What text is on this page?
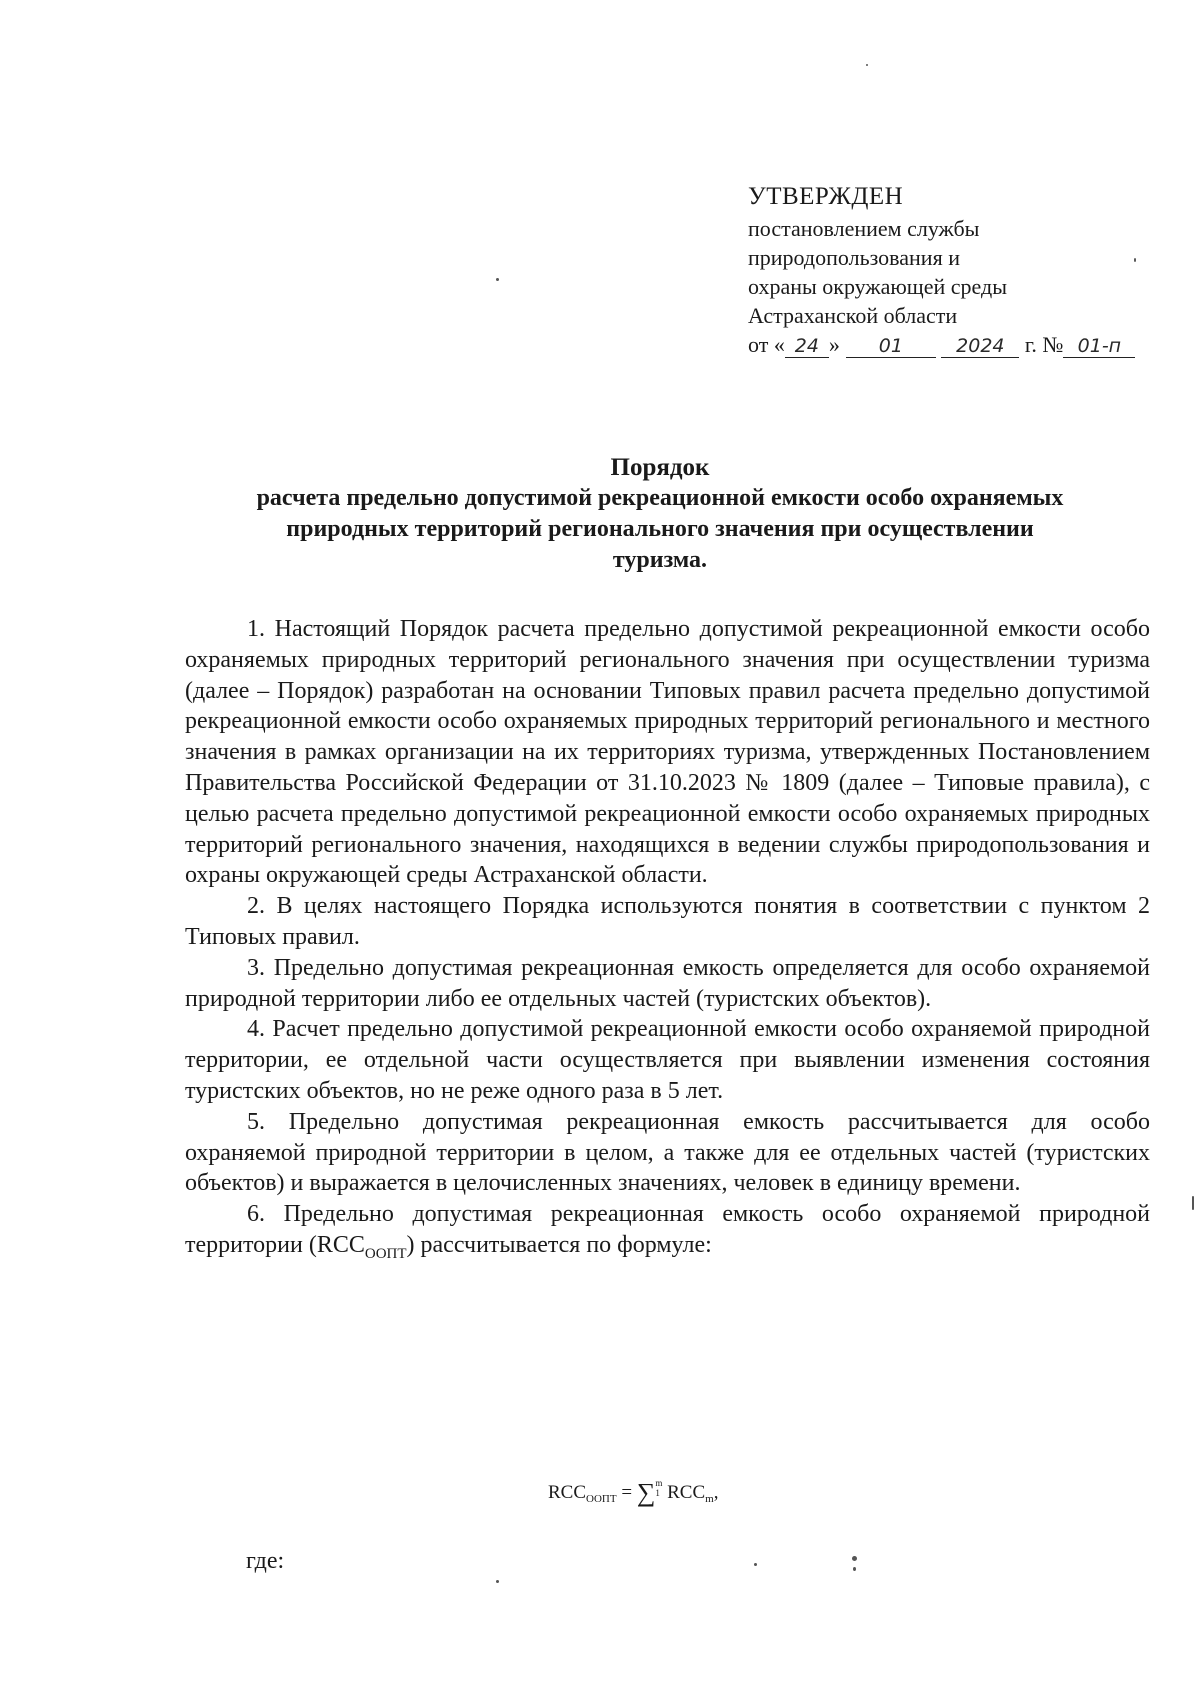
УТВЕРЖДЕН
постановлением службы
природопользования и
охраны окружающей среды
Астраханской области
от « 24 » 01	2024 г. № 01-п
Порядок
расчета предельно допустимой рекреационной емкости особо охраняемых
природных территорий регионального значения при осуществлении
туризма.

1. Настоящий Порядок расчета предельно допустимой рекреационной емкости особо охраняемых природных территорий регионального значения при осуществлении туризма (далее – Порядок) разработан на основании Типовых правил расчета предельно допустимой рекреационной емкости особо охраняемых природных территорий регионального и местного значения в рамках организации на их территориях туризма, утвержденных Постановлением Правительства Российской Федерации от 31.10.2023 № 1809 (далее – Типовые правила), с целью расчета предельно допустимой рекреационной емкости особо охраняемых природных территорий регионального значения, находящихся в ведении службы природопользования и охраны окружающей среды Астраханской области.

2. В целях настоящего Порядка используются понятия в соответствии с пунктом 2 Типовых правил.

3. Предельно допустимая рекреационная емкость определяется для особо охраняемой природной территории либо ее отдельных частей (туристских объектов).

4. Расчет предельно допустимой рекреационной емкости особо охраняемой природной территории, ее отдельной части осуществляется при выявлении изменения состояния туристских объектов, но не реже одного раза в 5 лет.

5. Предельно допустимая рекреационная емкость рассчитывается для особо охраняемой природной территории в целом, а также для ее отдельных частей (туристских объектов) и выражается в целочисленных значениях, человек в единицу времени.

6. Предельно допустимая рекреационная емкость особо охраняемой природной территории $(RCC_{ООПТ})$ рассчитывается по формуле:

$RCC_{ООПТ} = \sum m$
1 $RCC_m$,
где:
